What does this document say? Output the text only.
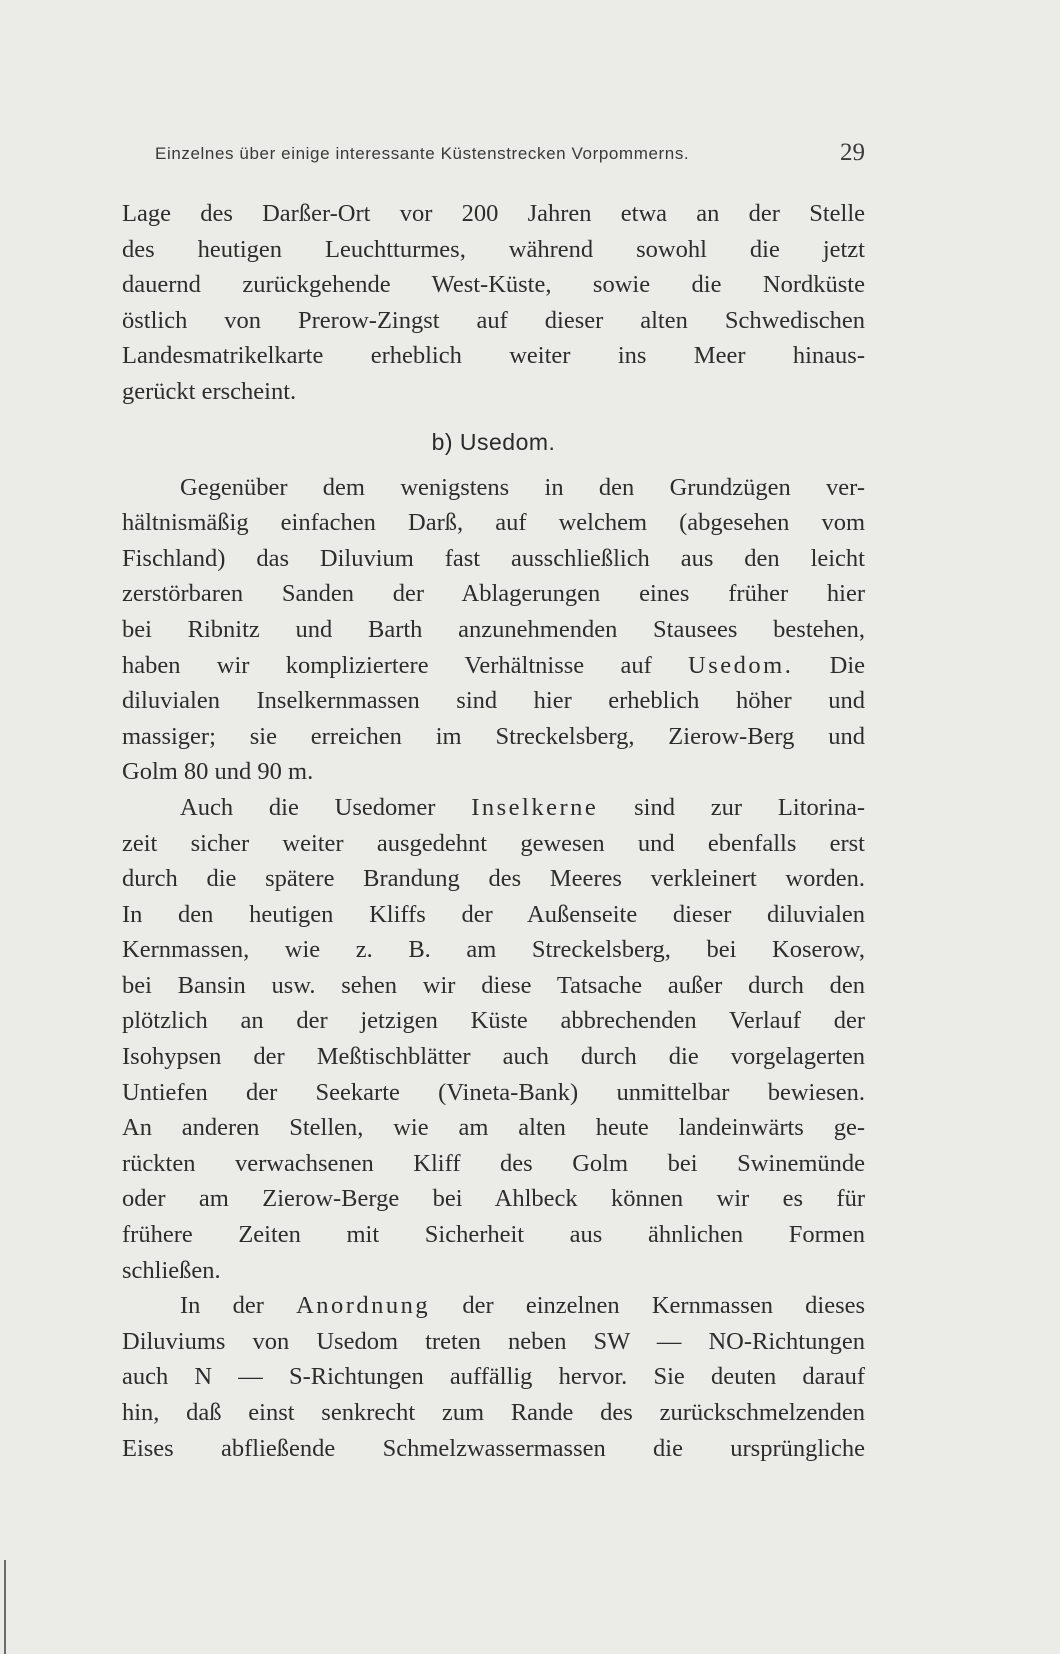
Einzelnes über einige interessante Küstenstrecken Vorpommerns.	29
Lage des Darßer-Ort vor 200 Jahren etwa an der Stelle
des heutigen Leuchtturmes, während sowohl die jetzt
dauernd zurückgehende West-Küste, sowie die Nordküste
östlich von Prerow-Zingst auf dieser alten Schwedischen
Landesmatrikelkarte erheblich weiter ins Meer hinaus-
gerückt erscheint.
b) Usedom.
Gegenüber dem wenigstens in den Grundzügen ver-
hältnismäßig einfachen Darß, auf welchem (abgesehen vom
Fischland) das Diluvium fast ausschließlich aus den leicht
zerstörbaren Sanden der Ablagerungen eines früher hier
bei Ribnitz und Barth anzunehmenden Stausees bestehen,
haben wir kompliziertere Verhältnisse auf Usedom. Die
diluvialen Inselkernmassen sind hier erheblich höher und
massiger; sie erreichen im Streckelsberg, Zierow-Berg und
Golm 80 und 90 m.
Auch die Usedomer Inselkerne sind zur Litorina-
zeit sicher weiter ausgedehnt gewesen und ebenfalls erst
durch die spätere Brandung des Meeres verkleinert worden.
In den heutigen Kliffs der Außenseite dieser diluvialen
Kernmassen, wie z. B. am Streckelsberg, bei Koserow,
bei Bansin usw. sehen wir diese Tatsache außer durch den
plötzlich an der jetzigen Küste abbrechenden Verlauf der
Isohypsen der Meßtischblätter auch durch die vorgelagerten
Untiefen der Seekarte (Vineta-Bank) unmittelbar bewiesen.
An anderen Stellen, wie am alten heute landeinwärts ge-
rückten verwachsenen Kliff des Golm bei Swinemünde
oder am Zierow-Berge bei Ahlbeck können wir es für
frühere Zeiten mit Sicherheit aus ähnlichen Formen
schließen.
In der Anordnung der einzelnen Kernmassen dieses
Diluviums von Usedom treten neben SW — NO-Richtungen
auch N — S-Richtungen auffällig hervor. Sie deuten darauf
hin, daß einst senkrecht zum Rande des zurückschmelzenden
Eises abfließende Schmelzwassermassen die ursprüngliche
